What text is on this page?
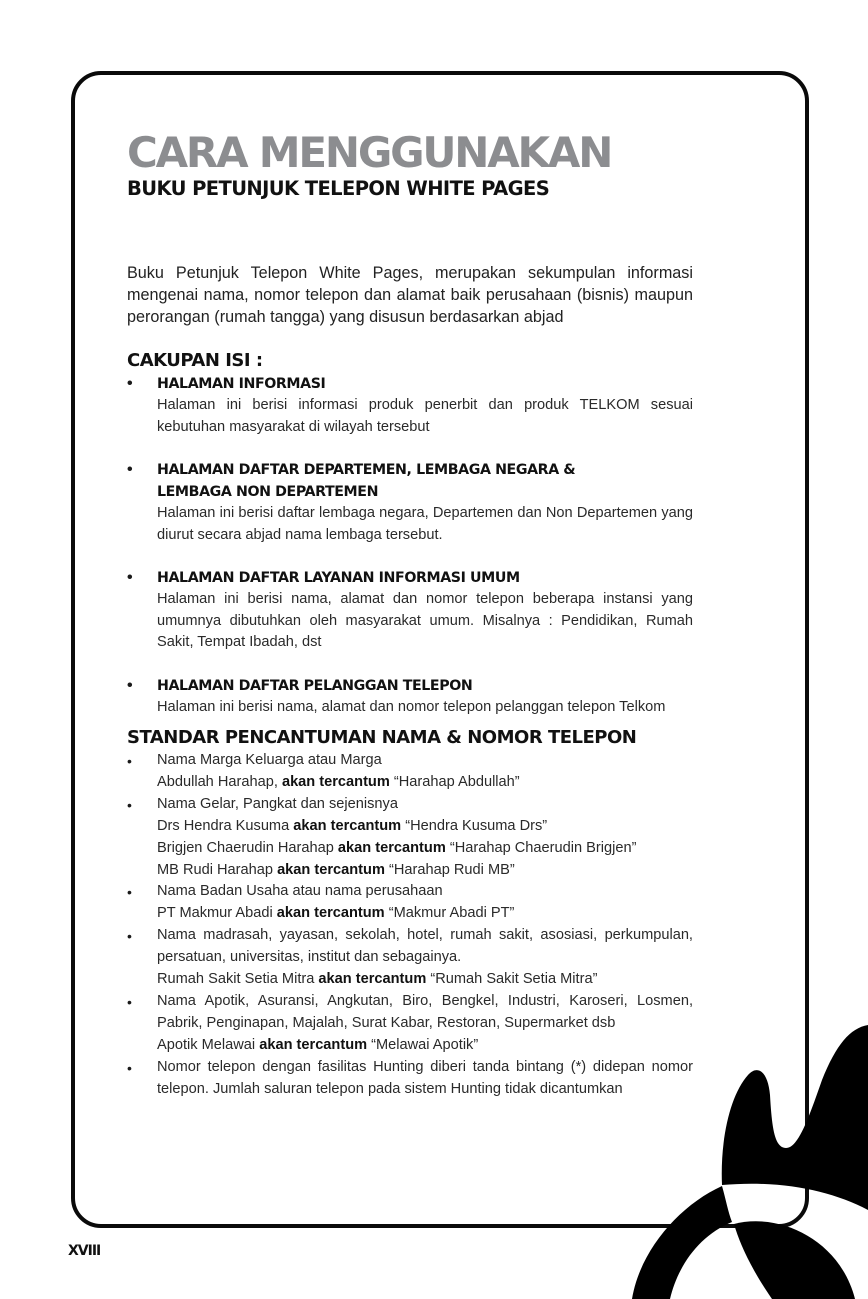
CARA MENGGUNAKAN
BUKU PETUNJUK TELEPON WHITE PAGES

Buku Petunjuk Telepon White Pages, merupakan sekumpulan informasi mengenai nama, nomor telepon dan alamat baik perusahaan (bisnis) maupun perorangan (rumah tangga) yang disusun berdasarkan abjad

CAKUPAN ISI :
• HALAMAN INFORMASI
Halaman ini berisi informasi produk penerbit dan produk TELKOM sesuai kebutuhan masyarakat di wilayah tersebut
• HALAMAN DAFTAR DEPARTEMEN, LEMBAGA NEGARA & LEMBAGA NON DEPARTEMEN
Halaman ini berisi daftar lembaga negara, Departemen dan Non Departemen yang diurut secara abjad nama lembaga tersebut.
• HALAMAN DAFTAR LAYANAN INFORMASI UMUM
Halaman ini berisi nama, alamat dan nomor telepon beberapa instansi yang umumnya dibutuhkan oleh masyarakat umum. Misalnya : Pendidikan, Rumah Sakit, Tempat Ibadah, dst
• HALAMAN DAFTAR PELANGGAN TELEPON
Halaman ini berisi nama, alamat dan nomor telepon pelanggan telepon Telkom
STANDAR PENCANTUMAN NAMA & NOMOR TELEPON
• Nama Marga Keluarga atau Marga
Abdullah Harahap, akan tercantum “Harahap Abdullah”
• Nama Gelar, Pangkat dan sejenisnya
Drs Hendra Kusuma akan tercantum “Hendra Kusuma Drs”
Brigjen Chaerudin Harahap akan tercantum “Harahap Chaerudin Brigjen”
MB Rudi Harahap akan tercantum “Harahap Rudi MB”
• Nama Badan Usaha atau nama perusahaan
PT Makmur Abadi akan tercantum “Makmur Abadi PT”
• Nama madrasah, yayasan, sekolah, hotel, rumah sakit, asosiasi, perkumpulan, persatuan, universitas, institut dan sebagainya.
Rumah Sakit Setia Mitra akan tercantum “Rumah Sakit Setia Mitra”
• Nama Apotik, Asuransi, Angkutan, Biro, Bengkel, Industri, Karoseri, Losmen, Pabrik, Penginapan, Majalah, Surat Kabar, Restoran, Supermarket dsb
Apotik Melawai akan tercantum “Melawai Apotik”
• Nomor telepon dengan fasilitas Hunting diberi tanda bintang (*) didepan nomor telepon. Jumlah saluran telepon pada sistem Hunting tidak dicantumkan
XVIII
